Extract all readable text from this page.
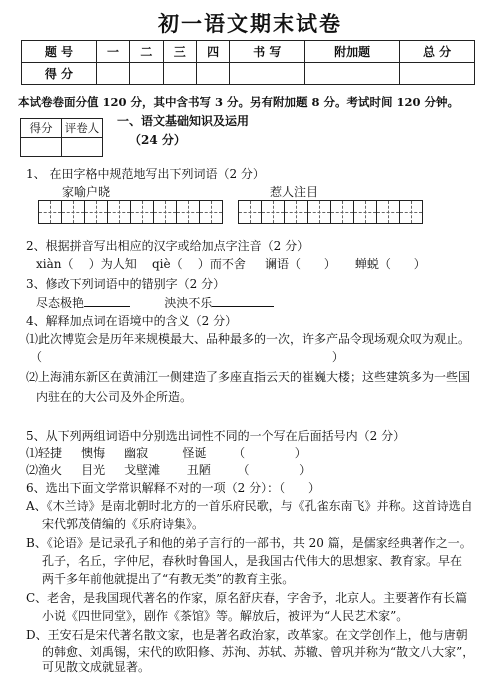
初一语文期末试卷
题 号	一	二	三	四	书 写	附加题	总 分
得 分							
本试卷卷面分值 120 分，其中含书写 3 分。另有附加题 8 分。考试时间 120 分钟。
得分	评卷人
	一、语文基础知识及运用
（24 分）
1、 在田字格中规范地写出下列词语（2 分）
家喻户晓	惹人注目
2、根据拼音写出相应的汉字或给加点字注音（2 分）
xiàn（    ）为人知    qiè（    ）而不舍     谰语（      ）     蝉蜕（      ）
3、修改下列词语中的错别字（2 分）
尽态极艳	泱泱不乐
4、解释加点词在语境中的含义（2 分）
⑴此次博览会是历年来规模最大、品种最多的一次，许多产品令现场观众叹为观止。
（                                                                            ）
⑵上海浦东新区在黄浦江一侧建造了多座直指云天的崔巍大楼；这些建筑多为一些国
内驻在的大公司及外企所造。
5、从下列两组词语中分别选出词性不同的一个写在后面括号内（2 分）
⑴轻捷     懊悔     幽寂         怪诞       （             ）
⑵渔火     目光     戈壁滩       丑陋       （             ）
6、选出下面文学常识解释不对的一项（2 分）：（      ）
A、《木兰诗》是南北朝时北方的一首乐府民歌，与《孔雀东南飞》并称。这首诗选自
宋代郭茂倩编的《乐府诗集》。
B、《论语》是记录孔子和他的弟子言行的一部书，共 20 篇，是儒家经典著作之一。
孔子，名丘，字仲尼，春秋时鲁国人，是我国古代伟大的思想家、教育家。早在
两千多年前他就提出了“有教无类”的教育主张。
C、老舍，是我国现代著名的作家，原名舒庆春，字舍予，北京人。主要著作有长篇
小说《四世同堂》，剧作《茶馆》等。解放后，被评为“人民艺术家”。
D、王安石是宋代著名散文家，也是著名政治家，改革家。在文学创作上，他与唐朝
的韩愈、刘禹锡，宋代的欧阳修、苏洵、苏轼、苏辙、曾巩并称为“散文八大家”，
可见散文成就显著。
